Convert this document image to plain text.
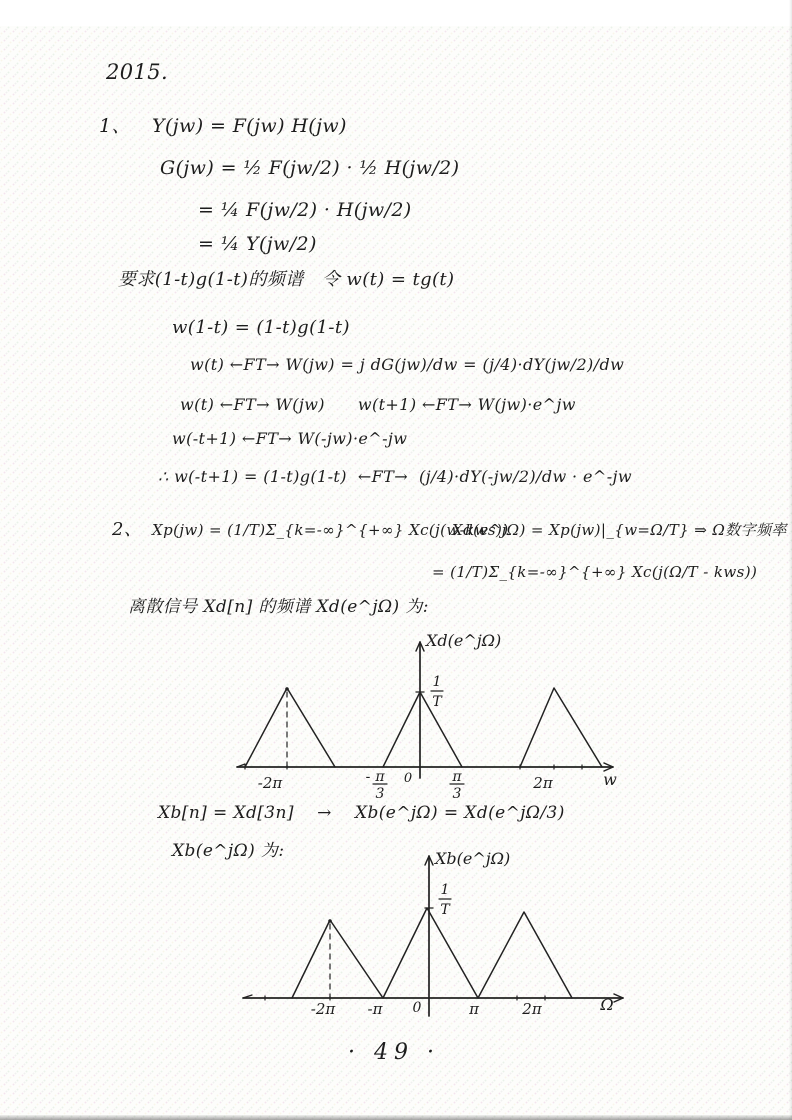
2015.
1、 Y(jw) = F(jw) H(jw)
G(jw) = ½ F(jw/2) · ½ H(jw/2)
= ¼ F(jw/2) · H(jw/2)
= ¼ Y(jw/2)
要求(1-t)g(1-t)的频谱   令 w(t) = tg(t)
w(1-t) = (1-t)g(1-t)
w(t) ←FT→ W(jw) = j dG(jw)/dw = (j/4)·dY(jw/2)/dw
w(t) ←FT→ W(jw)      w(t+1) ←FT→ W(jw)·e^jw
w(-t+1) ←FT→ W(-jw)·e^-jw
∴ w(-t+1) = (1-t)g(1-t)  ←FT→  (j/4)·dY(-jw/2)/dw · e^-jw
2、 Xp(jw) = (1/T)Σ_{k=-∞}^{+∞} Xc(j(w-kws))
Xd(e^jΩ) = Xp(jw)|_{w=Ω/T} ⇒ Ω数字频率
= (1/T)Σ_{k=-∞}^{+∞} Xc(j(Ω/T - kws))
离散信号 Xd[n] 的频谱 Xd(e^jΩ) 为:
1
T
-2π	- π
3
0	π
3
2π	w
Xd(e^jΩ)
Xb[n] = Xd[3n]    →    Xb(e^jΩ) = Xd(e^jΩ/3)
Xb(e^jΩ) 为:
1
T
-2π -π 0	π	2π	Ω
Xb(e^jΩ)
· 49 ·
